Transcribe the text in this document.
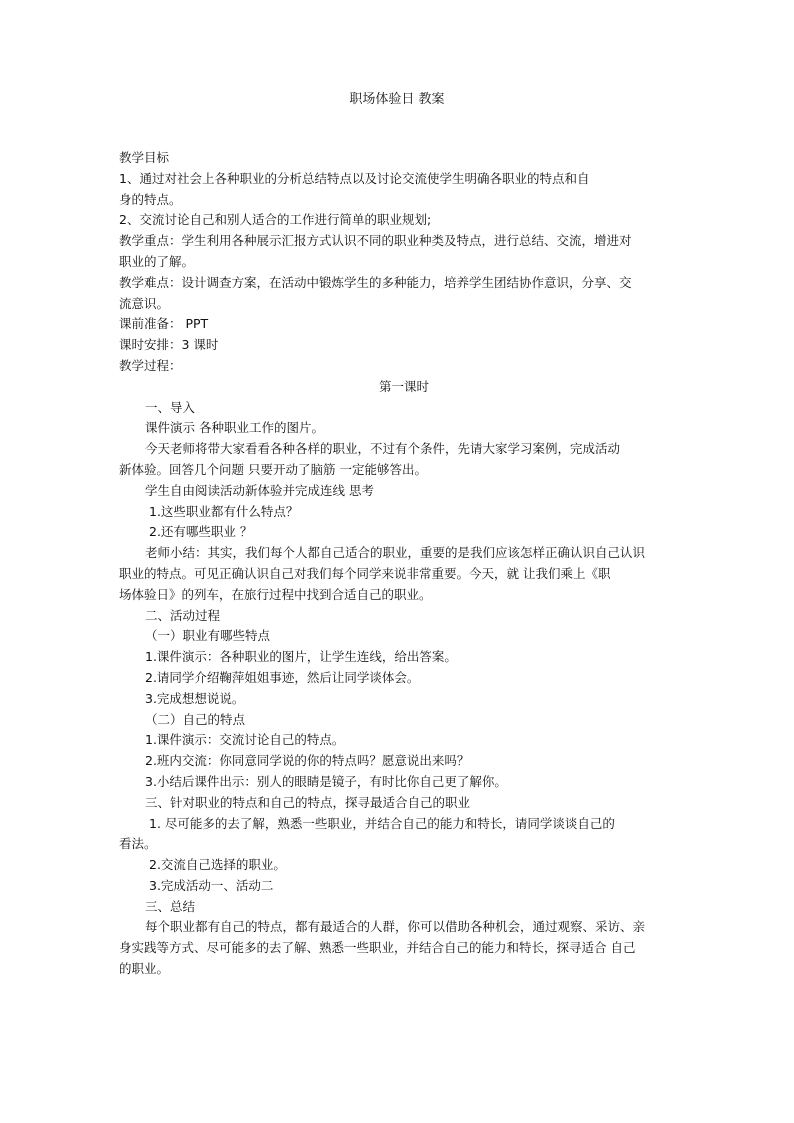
职场体验日 教案

教学目标

1、通过对社会上各种职业的分析总结特点以及讨论交流使学生明确各职业的特点和自

身的特点。

2、交流讨论自己和别人适合的工作进行简单的职业规划;

教学重点：学生利用各种展示汇报方式认识不同的职业种类及特点，进行总结、交流，增进对

职业的了解。

教学难点：设计调查方案，在活动中锻炼学生的多种能力，培养学生团结协作意识，分享、交

流意识。

课前准备： PPT

课时安排：3 课时

教学过程：

第一课时

一、导入

课件演示 各种职业工作的图片。

今天老师将带大家看看各种各样的职业，不过有个条件，先请大家学习案例，完成活动

新体验。回答几个问题 只要开动了脑筋 一定能够答出。

学生自由阅读活动新体验并完成连线 思考

1.这些职业都有什么特点？

2.还有哪些职业 ？

老师小结：其实，我们每个人都自己适合的职业，重要的是我们应该怎样正确认识自己认识

职业的特点。可见正确认识自己对我们每个同学来说非常重要。今天，就 让我们乘上《职

场体验日》的列车，在旅行过程中找到合适自己的职业。

二、活动过程

（一）职业有哪些特点

1.课件演示：各种职业的图片，让学生连线，给出答案。

2.请同学介绍鞠萍姐姐事迹，然后让同学谈体会。

3.完成想想说说。

（二）自己的特点

1.课件演示：交流讨论自己的特点。

2.班内交流：你同意同学说的你的特点吗？愿意说出来吗？

3.小结后课件出示：别人的眼睛是镜子，有时比你自己更了解你。

三、针对职业的特点和自己的特点，探寻最适合自己的职业

1. 尽可能多的去了解，熟悉一些职业，并结合自己的能力和特长，请同学谈谈自己的

看法。

2.交流自己选择的职业。

3.完成活动一、活动二

三、总结

每个职业都有自己的特点，都有最适合的人群，你可以借助各种机会，通过观察、采访、亲

身实践等方式、尽可能多的去了解、熟悉一些职业，并结合自己的能力和特长，探寻适合 自己

的职业。
